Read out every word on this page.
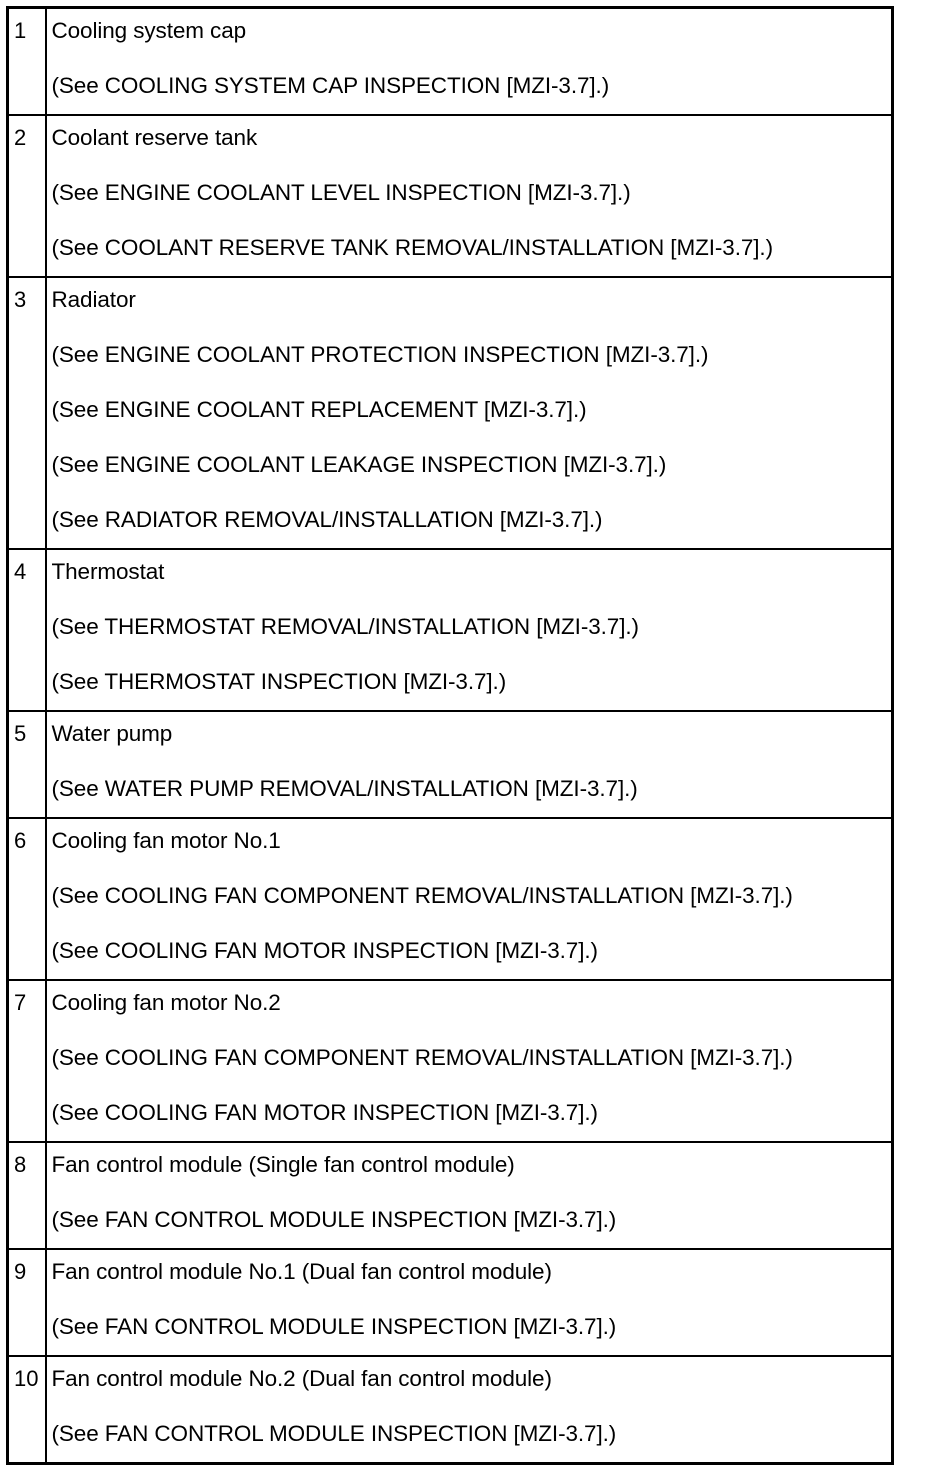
1	Cooling system cap
(See COOLING SYSTEM CAP INSPECTION [MZI-3.7].)

2	Coolant reserve tank
(See ENGINE COOLANT LEVEL INSPECTION [MZI-3.7].)
(See COOLANT RESERVE TANK REMOVAL/INSTALLATION [MZI-3.7].)

3	Radiator
(See ENGINE COOLANT PROTECTION INSPECTION [MZI-3.7].)
(See ENGINE COOLANT REPLACEMENT [MZI-3.7].)
(See ENGINE COOLANT LEAKAGE INSPECTION [MZI-3.7].)
(See RADIATOR REMOVAL/INSTALLATION [MZI-3.7].)

4	Thermostat
(See THERMOSTAT REMOVAL/INSTALLATION [MZI-3.7].)
(See THERMOSTAT INSPECTION [MZI-3.7].)

5	Water pump
(See WATER PUMP REMOVAL/INSTALLATION [MZI-3.7].)

6	Cooling fan motor No.1
(See COOLING FAN COMPONENT REMOVAL/INSTALLATION [MZI-3.7].)
(See COOLING FAN MOTOR INSPECTION [MZI-3.7].)

7	Cooling fan motor No.2
(See COOLING FAN COMPONENT REMOVAL/INSTALLATION [MZI-3.7].)
(See COOLING FAN MOTOR INSPECTION [MZI-3.7].)

8	Fan control module (Single fan control module)
(See FAN CONTROL MODULE INSPECTION [MZI-3.7].)

9	Fan control module No.1 (Dual fan control module)
(See FAN CONTROL MODULE INSPECTION [MZI-3.7].)

10	Fan control module No.2 (Dual fan control module)
(See FAN CONTROL MODULE INSPECTION [MZI-3.7].)
